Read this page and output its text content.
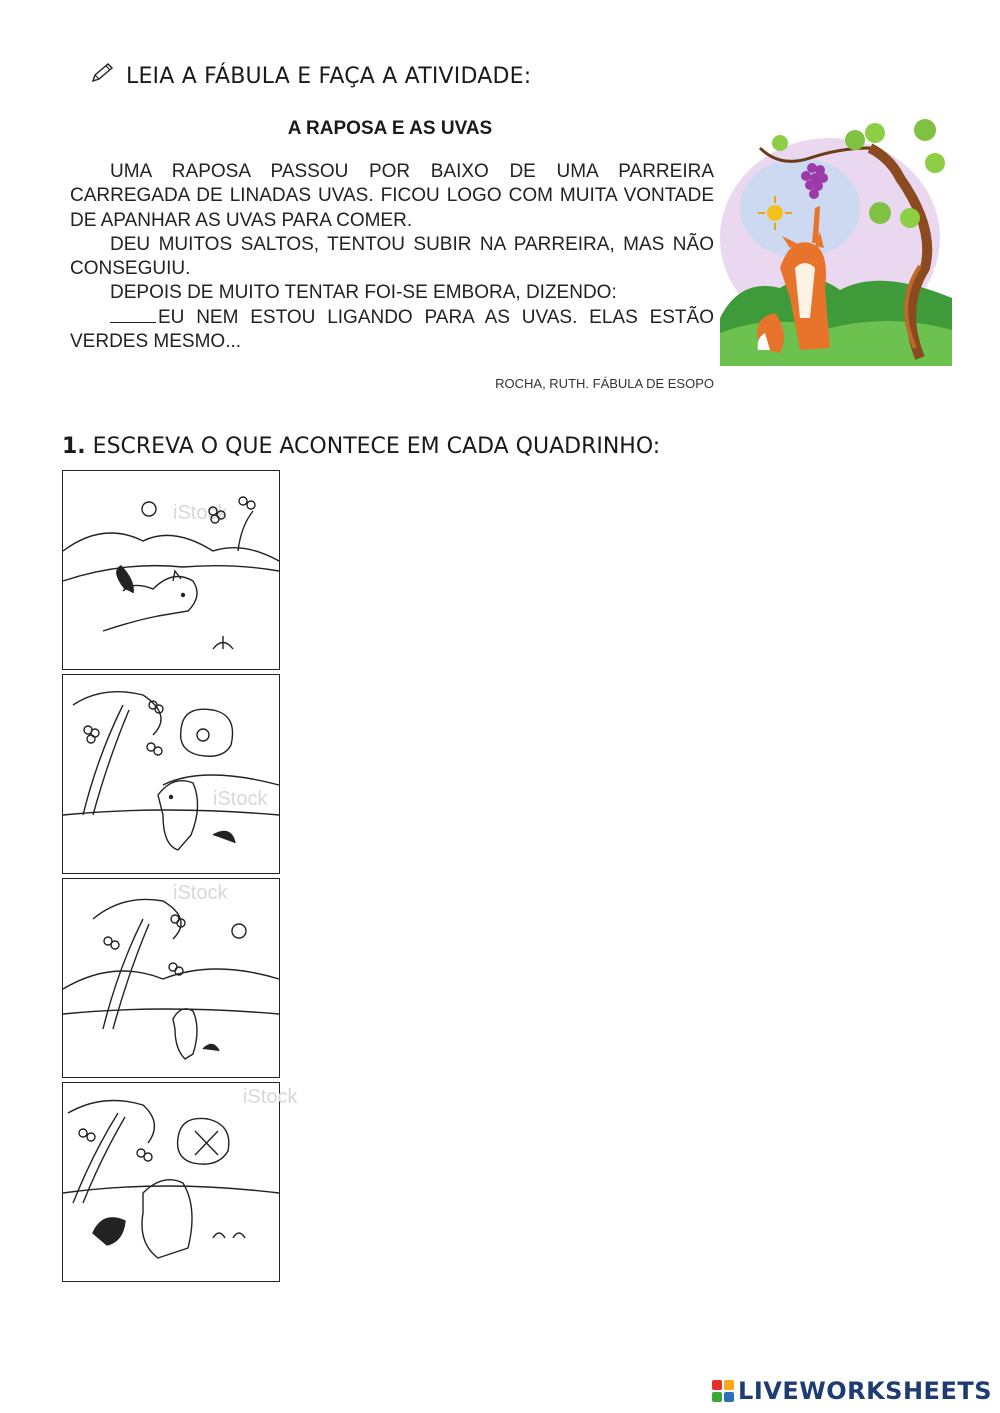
LEIA A FÁBULA E FAÇA A ATIVIDADE:
A RAPOSA E AS UVAS

UMA RAPOSA PASSOU POR BAIXO DE UMA PARREIRA CARREGADA DE LINADAS UVAS. FICOU LOGO COM MUITA VONTADE DE APANHAR AS UVAS PARA COMER.

DEU MUITOS SALTOS, TENTOU SUBIR NA PARREIRA, MAS NÃO CONSEGUIU.

DEPOIS DE MUITO TENTAR FOI-SE EMBORA, DIZENDO:

EU NEM ESTOU LIGANDO PARA AS UVAS. ELAS ESTÃO VERDES MESMO...

ROCHA, RUTH. FÁBULA DE ESOPO
1. ESCREVA O QUE ACONTECE EM CADA QUADRINHO:
iStock
iStock
iStock
iStock
LIVEWORKSHEETS
